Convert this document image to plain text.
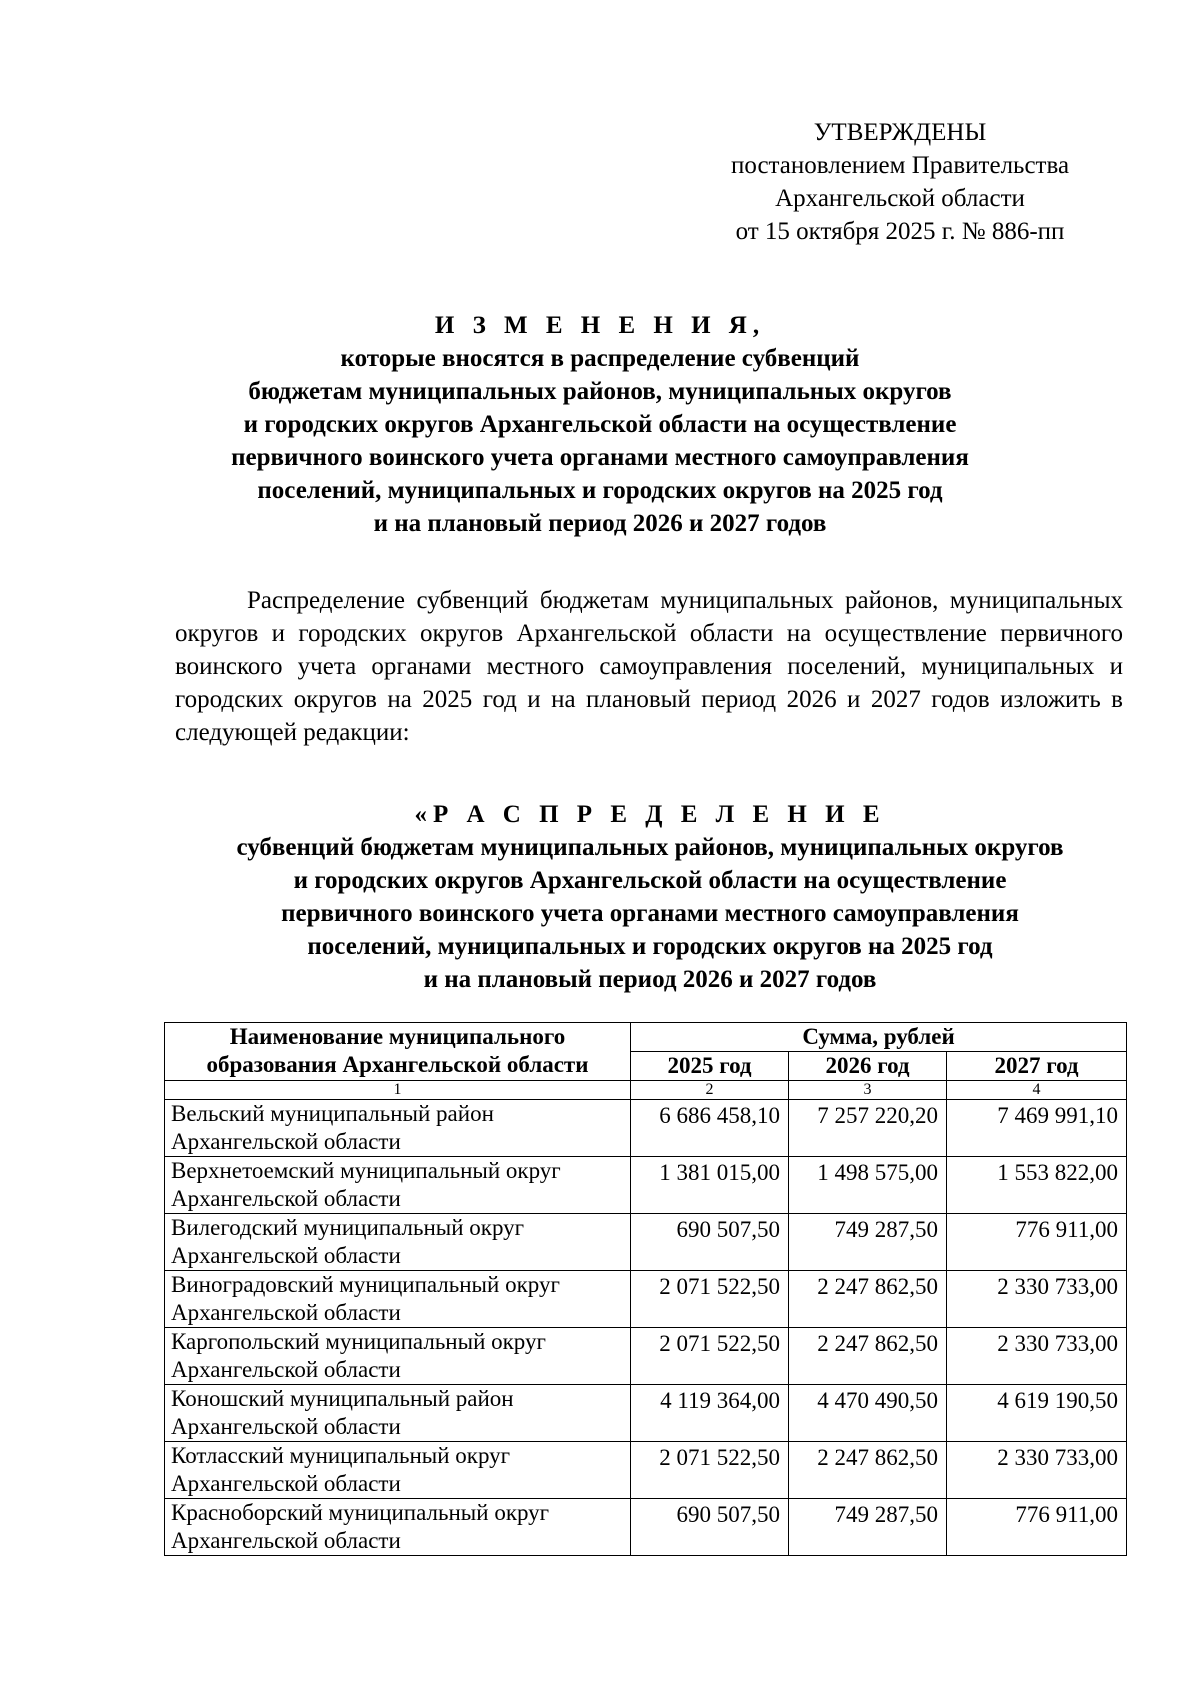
УТВЕРЖДЕНЫ
постановлением Правительства
Архангельской области
от 15 октября 2025 г. № 886-пп
И З М Е Н Е Н И Я,
которые вносятся в распределение субвенций
бюджетам муниципальных районов, муниципальных округов
и городских округов Архангельской области на осуществление
первичного воинского учета органами местного самоуправления
поселений, муниципальных и городских округов на 2025 год
и на плановый период 2026 и 2027 годов
Распределение субвенций бюджетам муниципальных районов, муниципальных округов и городских округов Архангельской области на осуществление первичного воинского учета органами местного самоуправления поселений, муниципальных и городских округов на 2025 год и на плановый период 2026 и 2027 годов изложить в следующей редакции:
«Р А С П Р Е Д Е Л Е Н И Е
субвенций бюджетам муниципальных районов, муниципальных округов
и городских округов Архангельской области на осуществление
первичного воинского учета органами местного самоуправления
поселений, муниципальных и городских округов на 2025 год
и на плановый период 2026 и 2027 годов
Наименование муниципального образования Архангельской области	Сумма, рублей		
	2025 год	2026 год	2027 год
1	2	3	4
Вельский муниципальный район Архангельской области	6 686 458,10	7 257 220,20	7 469 991,10
Верхнетоемский муниципальный округ Архангельской области	1 381 015,00	1 498 575,00	1 553 822,00
Вилегодский муниципальный округ Архангельской области	690 507,50	749 287,50	776 911,00
Виноградовский муниципальный округ Архангельской области	2 071 522,50	2 247 862,50	2 330 733,00
Каргопольский муниципальный округ Архангельской области	2 071 522,50	2 247 862,50	2 330 733,00
Коношский муниципальный район Архангельской области	4 119 364,00	4 470 490,50	4 619 190,50
Котласский муниципальный округ Архангельской области	2 071 522,50	2 247 862,50	2 330 733,00
Красноборский муниципальный округ Архангельской области	690 507,50	749 287,50	776 911,00
